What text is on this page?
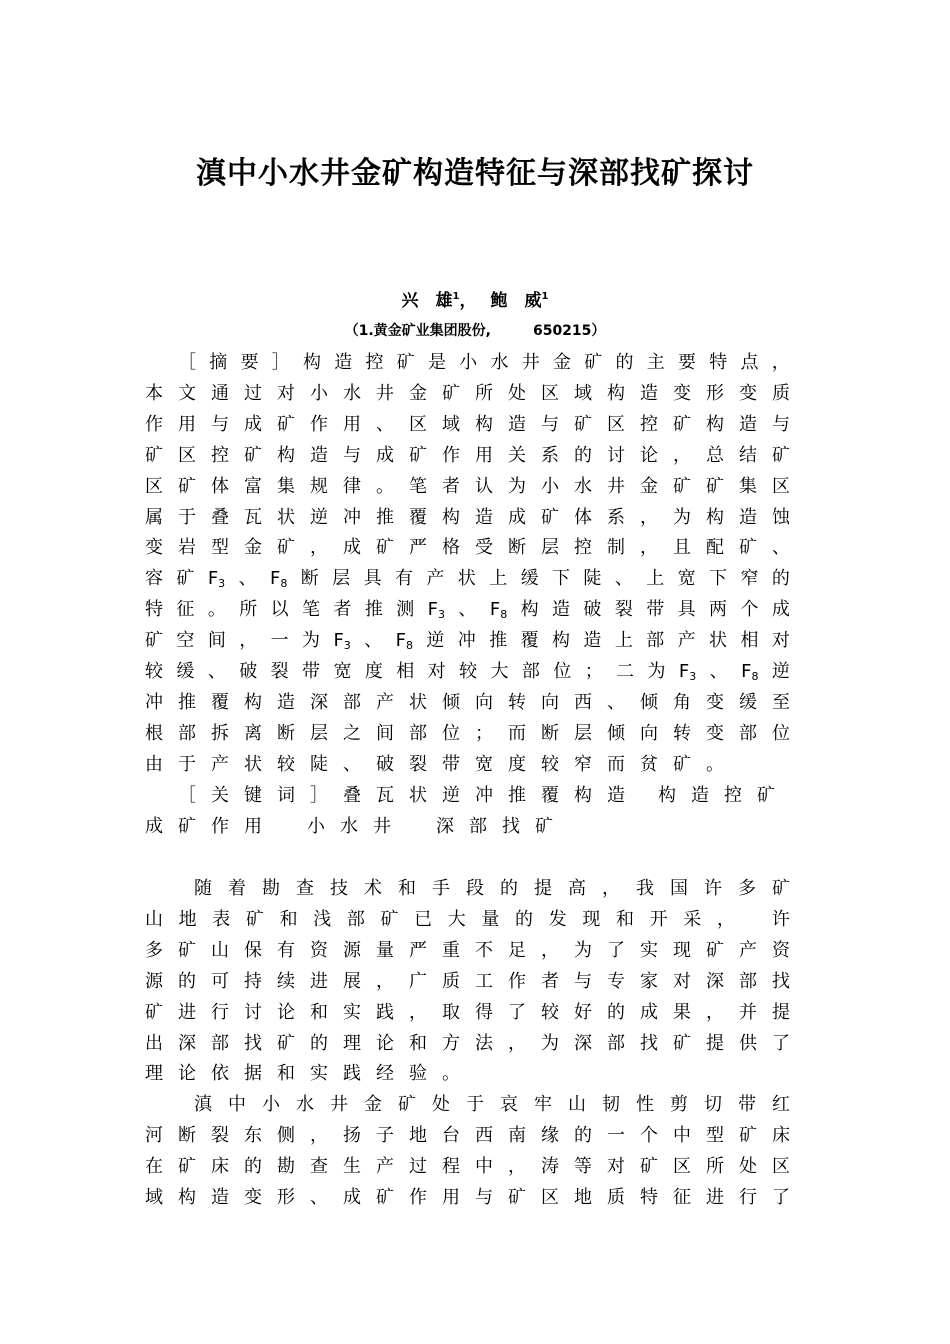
滇中小水井金矿构造特征与深部找矿探讨
兴　雄$^1$， 鲍　威$^1$
（1.黄金矿业集团股份,　　　650215）
［ 摘 要 ］ 构 造 控 矿 是 小 水 井 金 矿 的 主 要 特 点 ，
本 文 通 过 对 小 水 井 金 矿 所 处 区 域 构 造 变 形 变 质
作 用 与 成 矿 作 用 、 区 域 构 造 与 矿 区 控 矿 构 造 与
矿 区 控 矿 构 造 与 成 矿 作 用 关 系 的 讨 论 ， 总 结 矿
区 矿 体 富 集 规 律 。 笔 者 认 为 小 水 井 金 矿 矿 集 区
属 于 叠 瓦 状 逆 冲 推 覆 构 造 成 矿 体 系 ， 为 构 造 蚀
变 岩 型 金 矿 ， 成 矿 严 格 受 断 层 控 制 ， 且 配 矿 、
容 矿 $F_3$ 、 $F_8$ 断 层 具 有 产 状 上 缓 下 陡 、 上 宽 下 窄 的
特 征 。 所 以 笔 者 推 测 $F_3$ 、 $F_8$ 构 造 破 裂 带 具 两 个 成
矿 空 间 ， 一 为 $F_3$ 、 $F_8$ 逆 冲 推 覆 构 造 上 部 产 状 相 对
较 缓 、 破 裂 带 宽 度 相 对 较 大 部 位 ； 二 为 $F_3$ 、 $F_8$ 逆
冲 推 覆 构 造 深 部 产 状 倾 向 转 向 西 、 倾 角 变 缓 至
根 部 拆 离 断 层 之 间 部 位 ； 而 断 层 倾 向 转 变 部 位
由 于 产 状 较 陡 、 破 裂 带 宽 度 较 窄 而 贫 矿 。
［ 关 键 词 ］ 叠 瓦 状 逆 冲 推 覆 构 造 构 造 控 矿
成 矿 作 用	小 水 井	深 部 找 矿
随 着 勘 查 技 术 和 手 段 的 提 高 ， 我 国 许 多 矿
山 地 表 矿 和 浅 部 矿 已 大 量 的 发 现 和 开 采 ，
许
多 矿 山 保 有 资 源 量 严 重 不 足 ， 为 了 实 现 矿 产 资
源 的 可 持 续 进 展 ， 广 质 工 作 者 与 专 家 对 深 部 找
矿 进 行 讨 论 和 实 践 ， 取 得 了 较 好 的 成 果 ， 并 提
出 深 部 找 矿 的 理 论 和 方 法 ， 为 深 部 找 矿 提 供 了
理 论 依 据 和 实 践 经 验 。
滇 中 小 水 井 金 矿 处 于 哀 牢 山 韧 性 剪 切 带 红
河 断 裂 东 侧 ， 扬 子 地 台 西 南 缘 的 一 个 中 型 矿 床
在 矿 床 的 勘 查 生 产 过 程 中 ， 涛 等 对 矿 区 所 处 区
域 构 造 变 形 、 成 矿 作 用 与 矿 区 地 质 特 征 进 行 了
